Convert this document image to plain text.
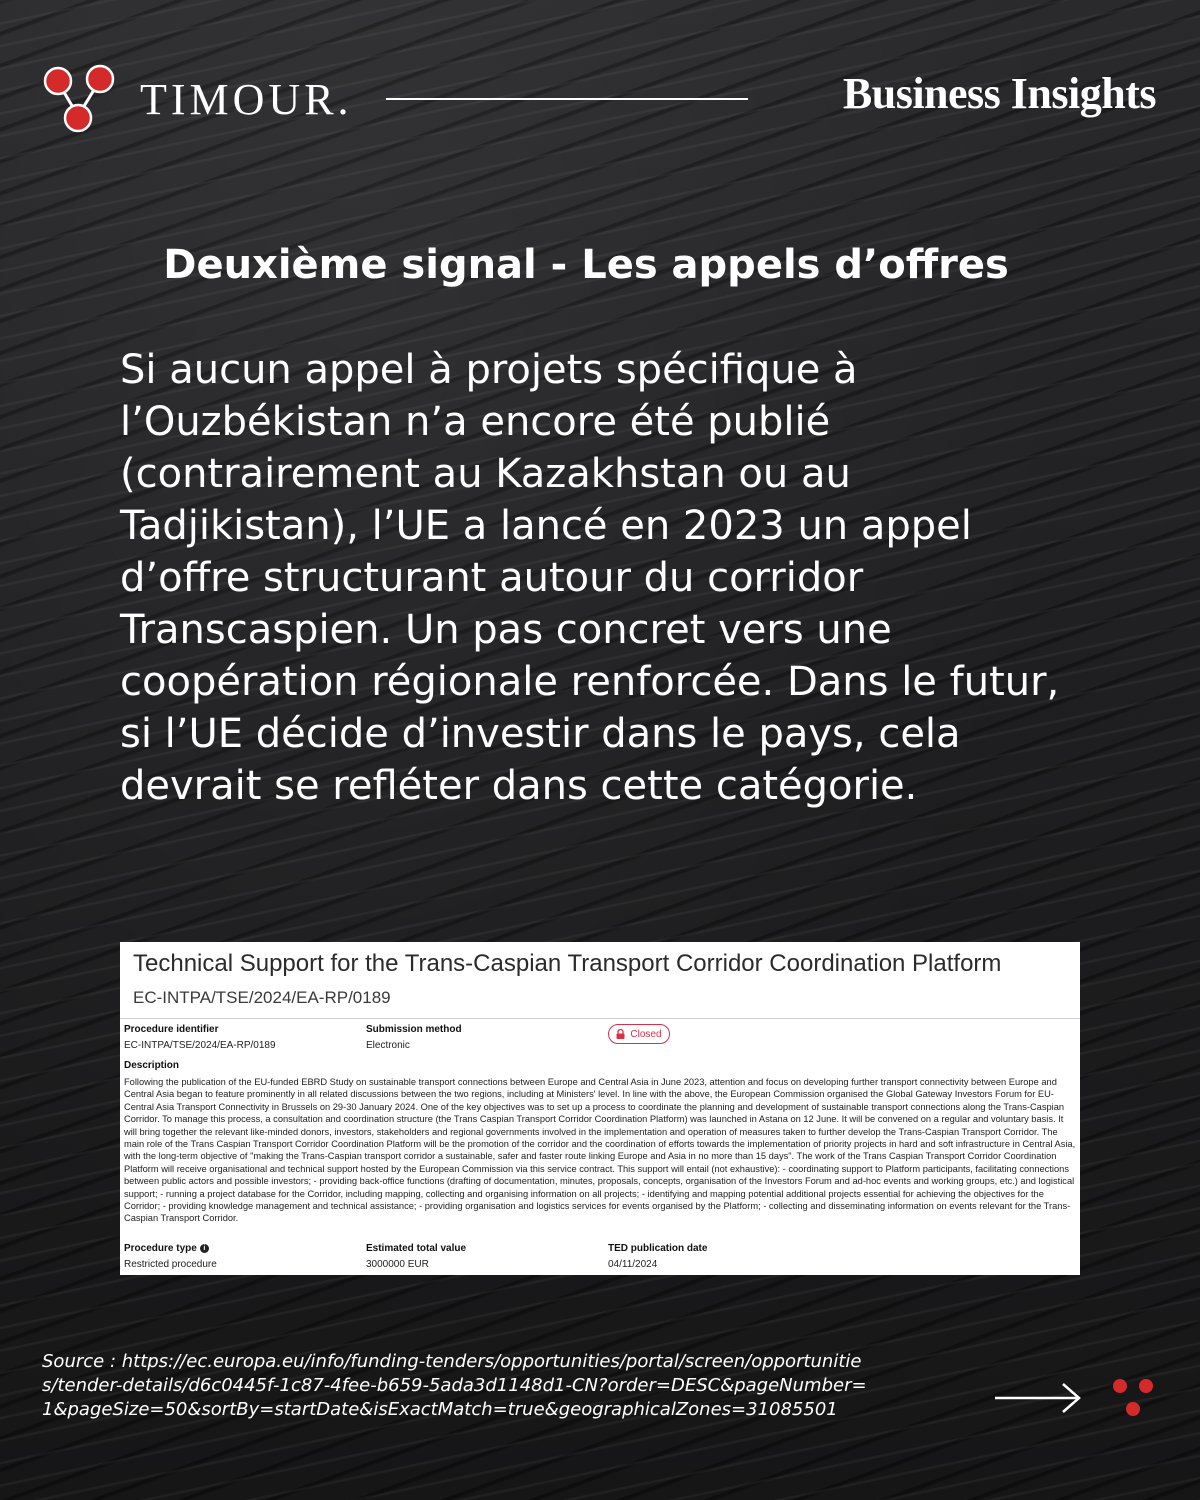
TIMOUR.	Business Insights
Deuxième signal - Les appels d’offres

Si aucun appel à projets spécifique à l’Ouzbékistan n’a encore été publié (contrairement au Kazakhstan ou au Tadjikistan), l’UE a lancé en 2023 un appel d’offre structurant autour du corridor Transcaspien. Un pas concret vers une coopération régionale renforcée. Dans le futur, si l’UE décide d’investir dans le pays, cela devrait se refléter dans cette catégorie.

Technical Support for the Trans-Caspian Transport Corridor Coordination Platform
EC-INTPA/TSE/2024/EA-RP/0189
Procedure identifier
EC-INTPA/TSE/2024/EA-RP/0189
Submission method
Electronic
Closed
Description
Following the publication of the EU-funded EBRD Study on sustainable transport connections between Europe and Central Asia in June 2023, attention and focus on developing further transport connectivity between Europe and Central Asia began to feature prominently in all related discussions between the two regions, including at Ministers' level. In line with the above, the European Commission organised the Global Gateway Investors Forum for EU-Central Asia Transport Connectivity in Brussels on 29-30 January 2024. One of the key objectives was to set up a process to coordinate the planning and development of sustainable transport connections along the Trans-Caspian Corridor. To manage this process, a consultation and coordination structure (the Trans Caspian Transport Corridor Coordination Platform) was launched in Astana on 12 June. It will be convened on a regular and voluntary basis. It will bring together the relevant like-minded donors, investors, stakeholders and regional governments involved in the implementation and operation of measures taken to further develop the Trans-Caspian Transport Corridor. The main role of the Trans Caspian Transport Corridor Coordination Platform will be the promotion of the corridor and the coordination of efforts towards the implementation of priority projects in hard and soft infrastructure in Central Asia, with the long-term objective of "making the Trans-Caspian transport corridor a sustainable, safer and faster route linking Europe and Asia in no more than 15 days". The work of the Trans Caspian Transport Corridor Coordination Platform will receive organisational and technical support hosted by the European Commission via this service contract. This support will entail (not exhaustive): - coordinating support to Platform participants, facilitating connections between public actors and possible investors; - providing back-office functions (drafting of documentation, minutes, proposals, concepts, organisation of the Investors Forum and ad-hoc events and working groups, etc.) and logistical support; - running a project database for the Corridor, including mapping, collecting and organising information on all projects; - identifying and mapping potential additional projects essential for achieving the objectives for the Corridor; - providing knowledge management and technical assistance; - providing organisation and logistics services for events organised by the Platform; - collecting and disseminating information on events relevant for the Trans-Caspian Transport Corridor.
Procedure type i
Restricted procedure
Estimated total value
3000000 EUR
TED publication date
04/11/2024

Source : https://ec.europa.eu/info/funding-tenders/opportunities/portal/screen/opportunities/tender-details/d6c0445f-1c87-4fee-b659-5ada3d1148d1-CN?order=DESC&pageNumber=1&pageSize=50&sortBy=startDate&isExactMatch=true&geographicalZones=31085501
